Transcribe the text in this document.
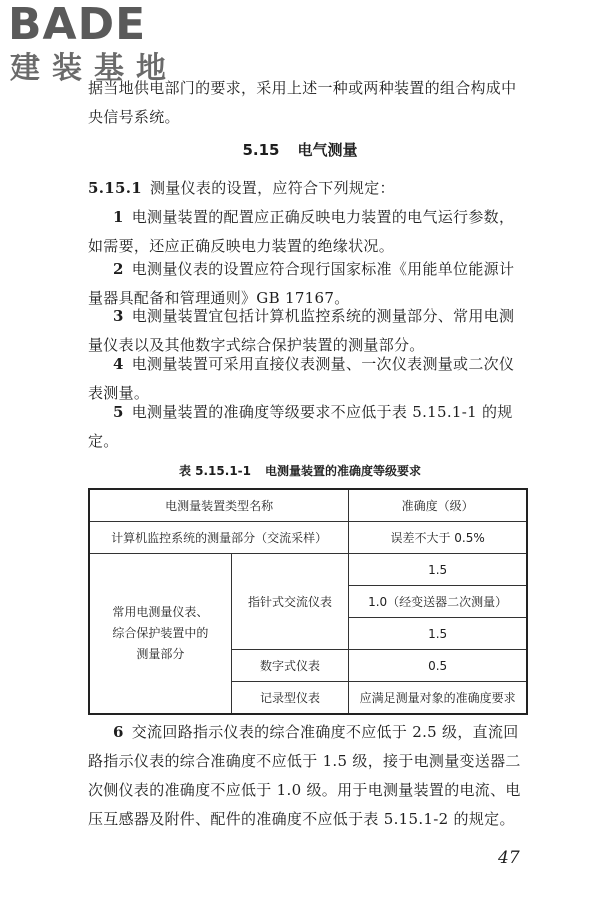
BADE
建装基地

据当地供电部门的要求，采用上述一种或两种装置的组合构成中央信号系统。

5.15 电气测量

5.15.1 测量仪表的设置，应符合下列规定：

1 电测量装置的配置应正确反映电力装置的电气运行参数，如需要，还应正确反映电力装置的绝缘状况。

2 电测量仪表的设置应符合现行国家标准《用能单位能源计量器具配备和管理通则》GB 17167。

3 电测量装置宜包括计算机监控系统的测量部分、常用电测量仪表以及其他数字式综合保护装置的测量部分。

4 电测量装置可采用直接仪表测量、一次仪表测量或二次仪表测量。

5 电测量装置的准确度等级要求不应低于表 5.15.1-1 的规定。

表 5.15.1-1 电测量装置的准确度等级要求
电测量装置类型名称		准确度（级）
计算机监控系统的测量部分（交流采样）		误差不大于 0.5%
常用电测量仪表、
综合保护装置中的
测量部分	指针式交流仪表	1.5
		1.0（经变送器二次测量）
		1.5
	数字式仪表	0.5
	记录型仪表	应满足测量对象的准确度要求

6 交流回路指示仪表的综合准确度不应低于 2.5 级，直流回路指示仪表的综合准确度不应低于 1.5 级，接于电测量变送器二次侧仪表的准确度不应低于 1.0 级。用于电测量装置的电流、电压互感器及附件、配件的准确度不应低于表 5.15.1-2 的规定。

47
